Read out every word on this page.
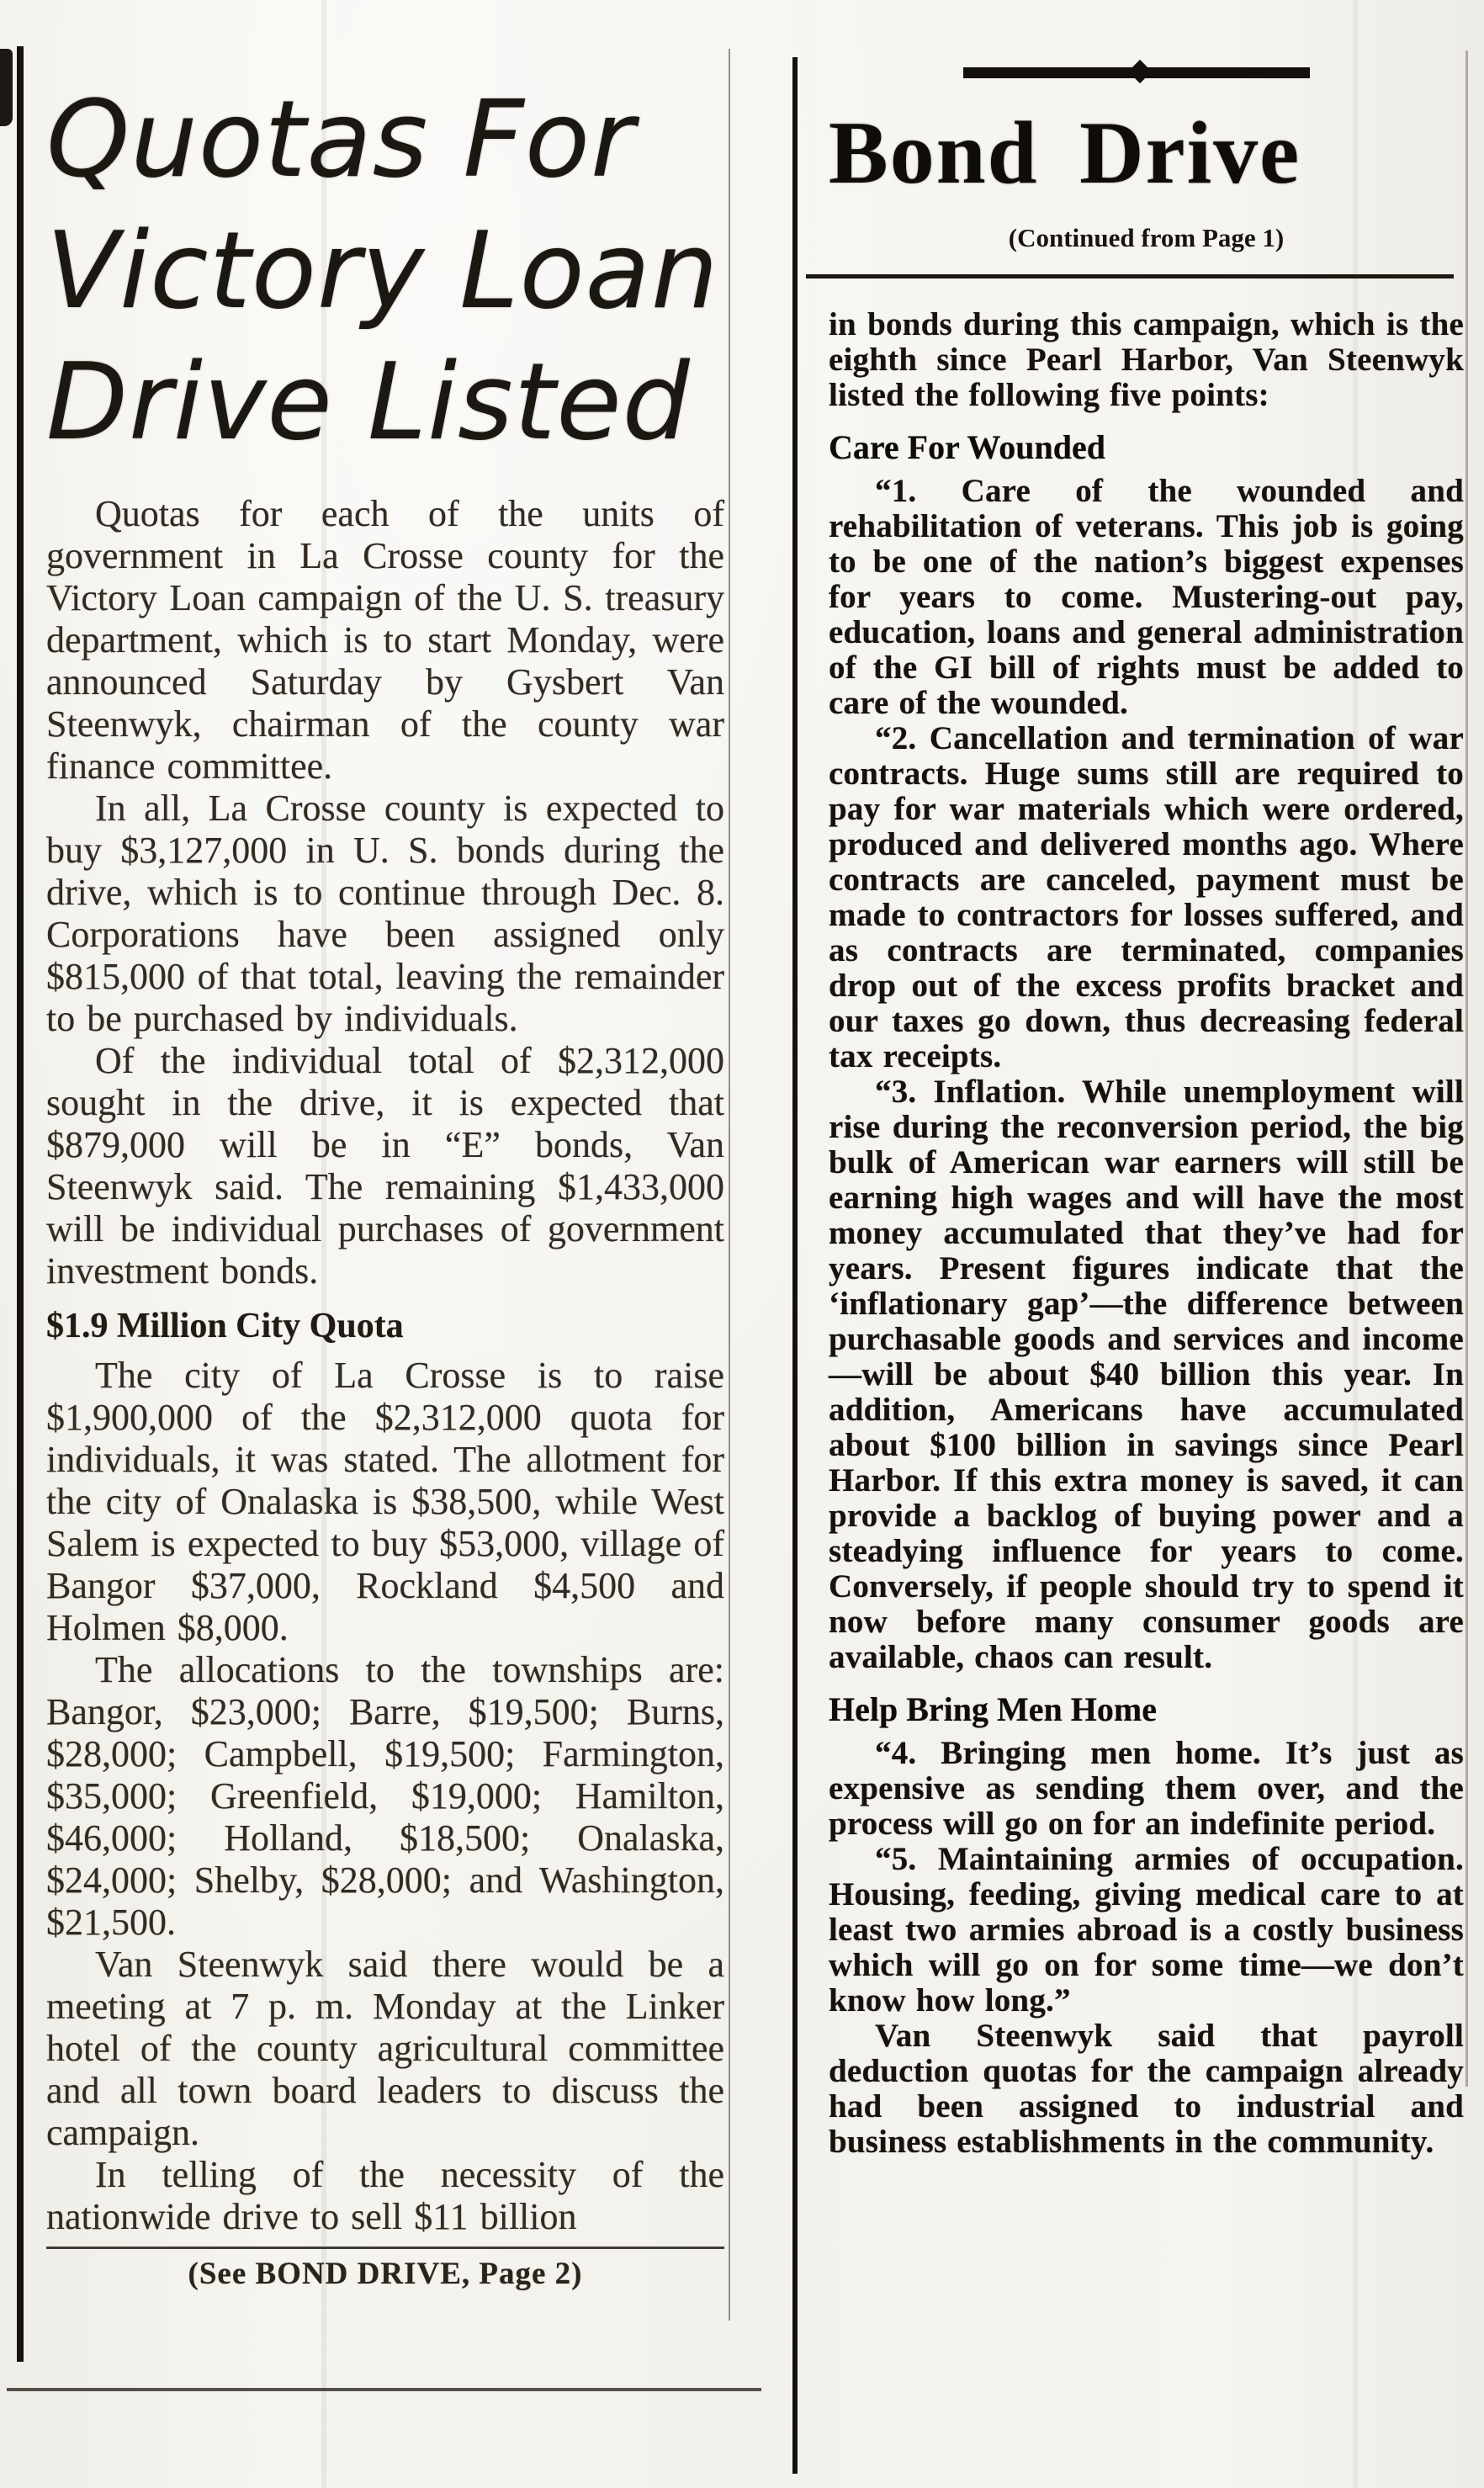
Quotas For
Victory Loan
Drive Listed

Quotas for each of the units of government in La Crosse county for the Victory Loan campaign of the U. S. treasury department, which is to start Monday, were announced Saturday by Gysbert Van Steenwyk, chairman of the county war finance committee.

In all, La Crosse county is expected to buy $3,127,000 in U. S. bonds during the drive, which is to continue through Dec. 8. Corporations have been assigned only $815,000 of that total, leaving the remainder to be purchased by individuals.

Of the individual total of $2,312,000 sought in the drive, it is expected that $879,000 will be in “E” bonds, Van Steenwyk said. The remaining $1,433,000 will be individual purchases of government investment bonds.

$1.9 Million City Quota

The city of La Crosse is to raise $1,900,000 of the $2,312,000 quota for individuals, it was stated. The allotment for the city of Onalaska is $38,500, while West Salem is expected to buy $53,000, village of Bangor $37,000, Rockland $4,500 and Holmen $8,000.

The allocations to the townships are: Bangor, $23,000; Barre, $19,500; Burns, $28,000; Campbell, $19,500; Farmington, $35,000; Greenfield, $19,000; Hamilton, $46,000; Holland, $18,500; Onalaska, $24,000; Shelby, $28,000; and Washington, $21,500.

Van Steenwyk said there would be a meeting at 7 p. m. Monday at the Linker hotel of the county agricultural committee and all town board leaders to discuss the campaign.

In telling of the necessity of the nationwide drive to sell $11 billion

(See BOND DRIVE, Page 2)
Bond Drive
(Continued from Page 1)

in bonds during this campaign, which is the eighth since Pearl Harbor, Van Steenwyk listed the following five points:

Care For Wounded

“1. Care of the wounded and rehabilitation of veterans. This job is going to be one of the nation’s biggest expenses for years to come. Mustering-out pay, education, loans and general administration of the GI bill of rights must be added to care of the wounded.

“2. Cancellation and termination of war contracts. Huge sums still are required to pay for war materials which were ordered, produced and delivered months ago. Where contracts are canceled, payment must be made to contractors for losses suffered, and as contracts are terminated, companies drop out of the excess profits bracket and our taxes go down, thus decreasing federal tax receipts.

“3. Inflation. While unemployment will rise during the reconversion period, the big bulk of American war earners will still be earning high wages and will have the most money accumulated that they’ve had for years. Present figures indicate that the ‘inflationary gap’—the difference between purchasable goods and services and income—will be about $40 billion this year. In addition, Americans have accumulated about $100 billion in savings since Pearl Harbor. If this extra money is saved, it can provide a backlog of buying power and a steadying influence for years to come. Conversely, if people should try to spend it now before many consumer goods are available, chaos can result.

Help Bring Men Home

“4. Bringing men home. It’s just as expensive as sending them over, and the process will go on for an indefinite period.

“5. Maintaining armies of occupation. Housing, feeding, giving medical care to at least two armies abroad is a costly business which will go on for some time—we don’t know how long.”

Van Steenwyk said that payroll deduction quotas for the campaign already had been assigned to industrial and business establishments in the community.
